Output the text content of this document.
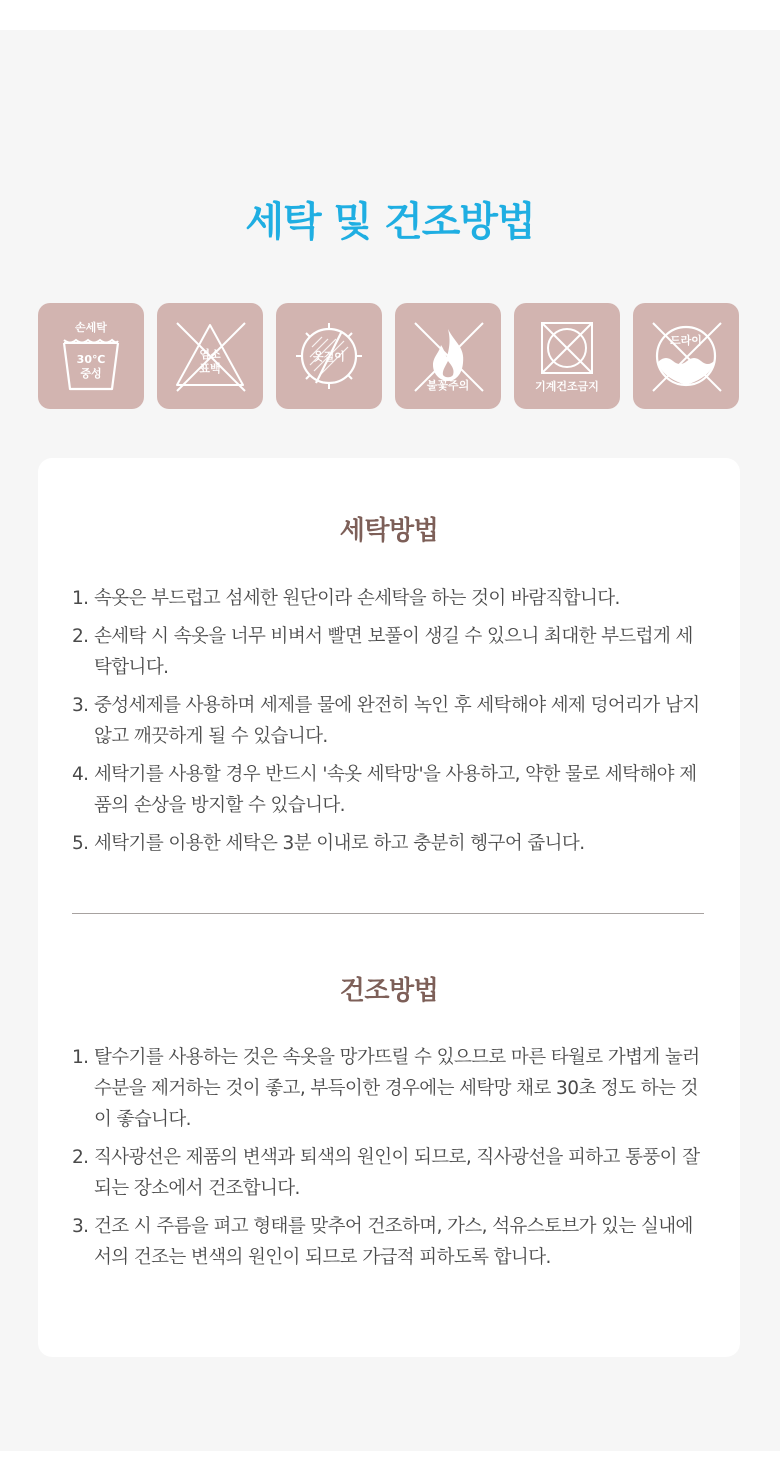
세탁 및 건조방법
손세탁
30℃
중성
염소
표백
옷걸이
불꽃주의	기계건조금지
드라이
세탁방법
1. 속옷은 부드럽고 섬세한 원단이라 손세탁을 하는 것이 바람직합니다.
2. 손세탁 시 속옷을 너무 비벼서 빨면 보풀이 생길 수 있으니 최대한 부드럽게 세탁합니다.
3. 중성세제를 사용하며 세제를 물에 완전히 녹인 후 세탁해야 세제 덩어리가 남지 않고 깨끗하게 될 수 있습니다.
4. 세탁기를 사용할 경우 반드시 '속옷 세탁망'을 사용하고, 약한 물로 세탁해야 제품의 손상을 방지할 수 있습니다.
5. 세탁기를 이용한 세탁은 3분 이내로 하고 충분히 헹구어 줍니다.
건조방법
1. 탈수기를 사용하는 것은 속옷을 망가뜨릴 수 있으므로 마른 타월로 가볍게 눌러 수분을 제거하는 것이 좋고, 부득이한 경우에는 세탁망 채로 30초 정도 하는 것이 좋습니다.
2. 직사광선은 제품의 변색과 퇴색의 원인이 되므로, 직사광선을 피하고 통풍이 잘 되는 장소에서 건조합니다.
3. 건조 시 주름을 펴고 형태를 맞추어 건조하며, 가스, 석유스토브가 있는 실내에서의 건조는 변색의 원인이 되므로 가급적 피하도록 합니다.
